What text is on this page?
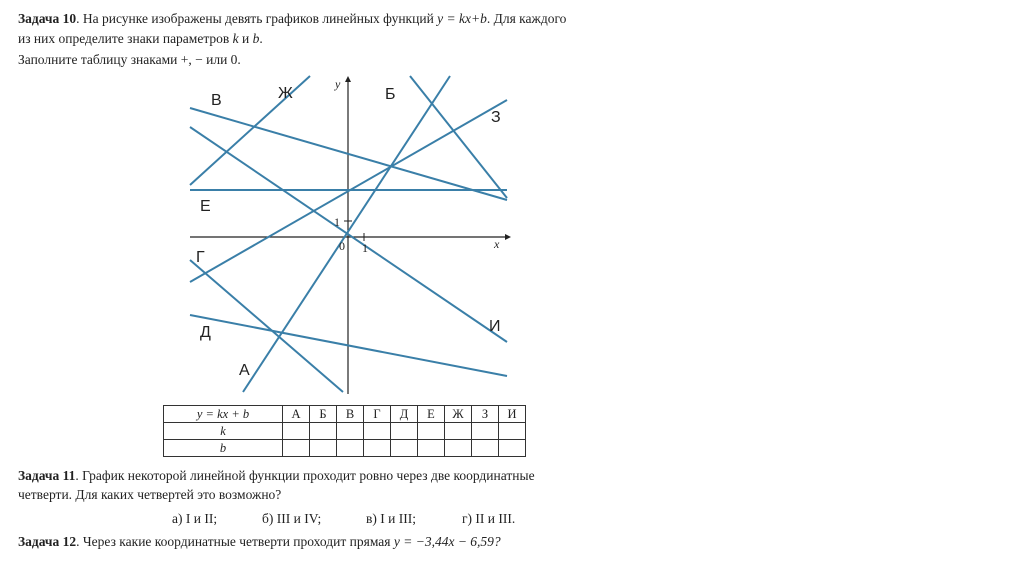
Задача 10. На рисунке изображены девять графиков линейных функций y = kx+b. Для каждого
из них определите знаки параметров k и b.
Заполните таблицу знаками +, − или 0.
x
y
1
1
0
А
Б
В
Г
Д
Е
Ж
З
И
y = kx + b	А	Б	В	Г	Д	Е	Ж	З	И
k									
b									
Задача 11. График некоторой линейной функции проходит ровно через две координатные
четверти. Для каких четвертей это возможно?
а) I и II;	б) III и IV;	в) I и III;	г) II и III.
Задача 12. Через какие координатные четверти проходит прямая y = −3,44x − 6,59?
